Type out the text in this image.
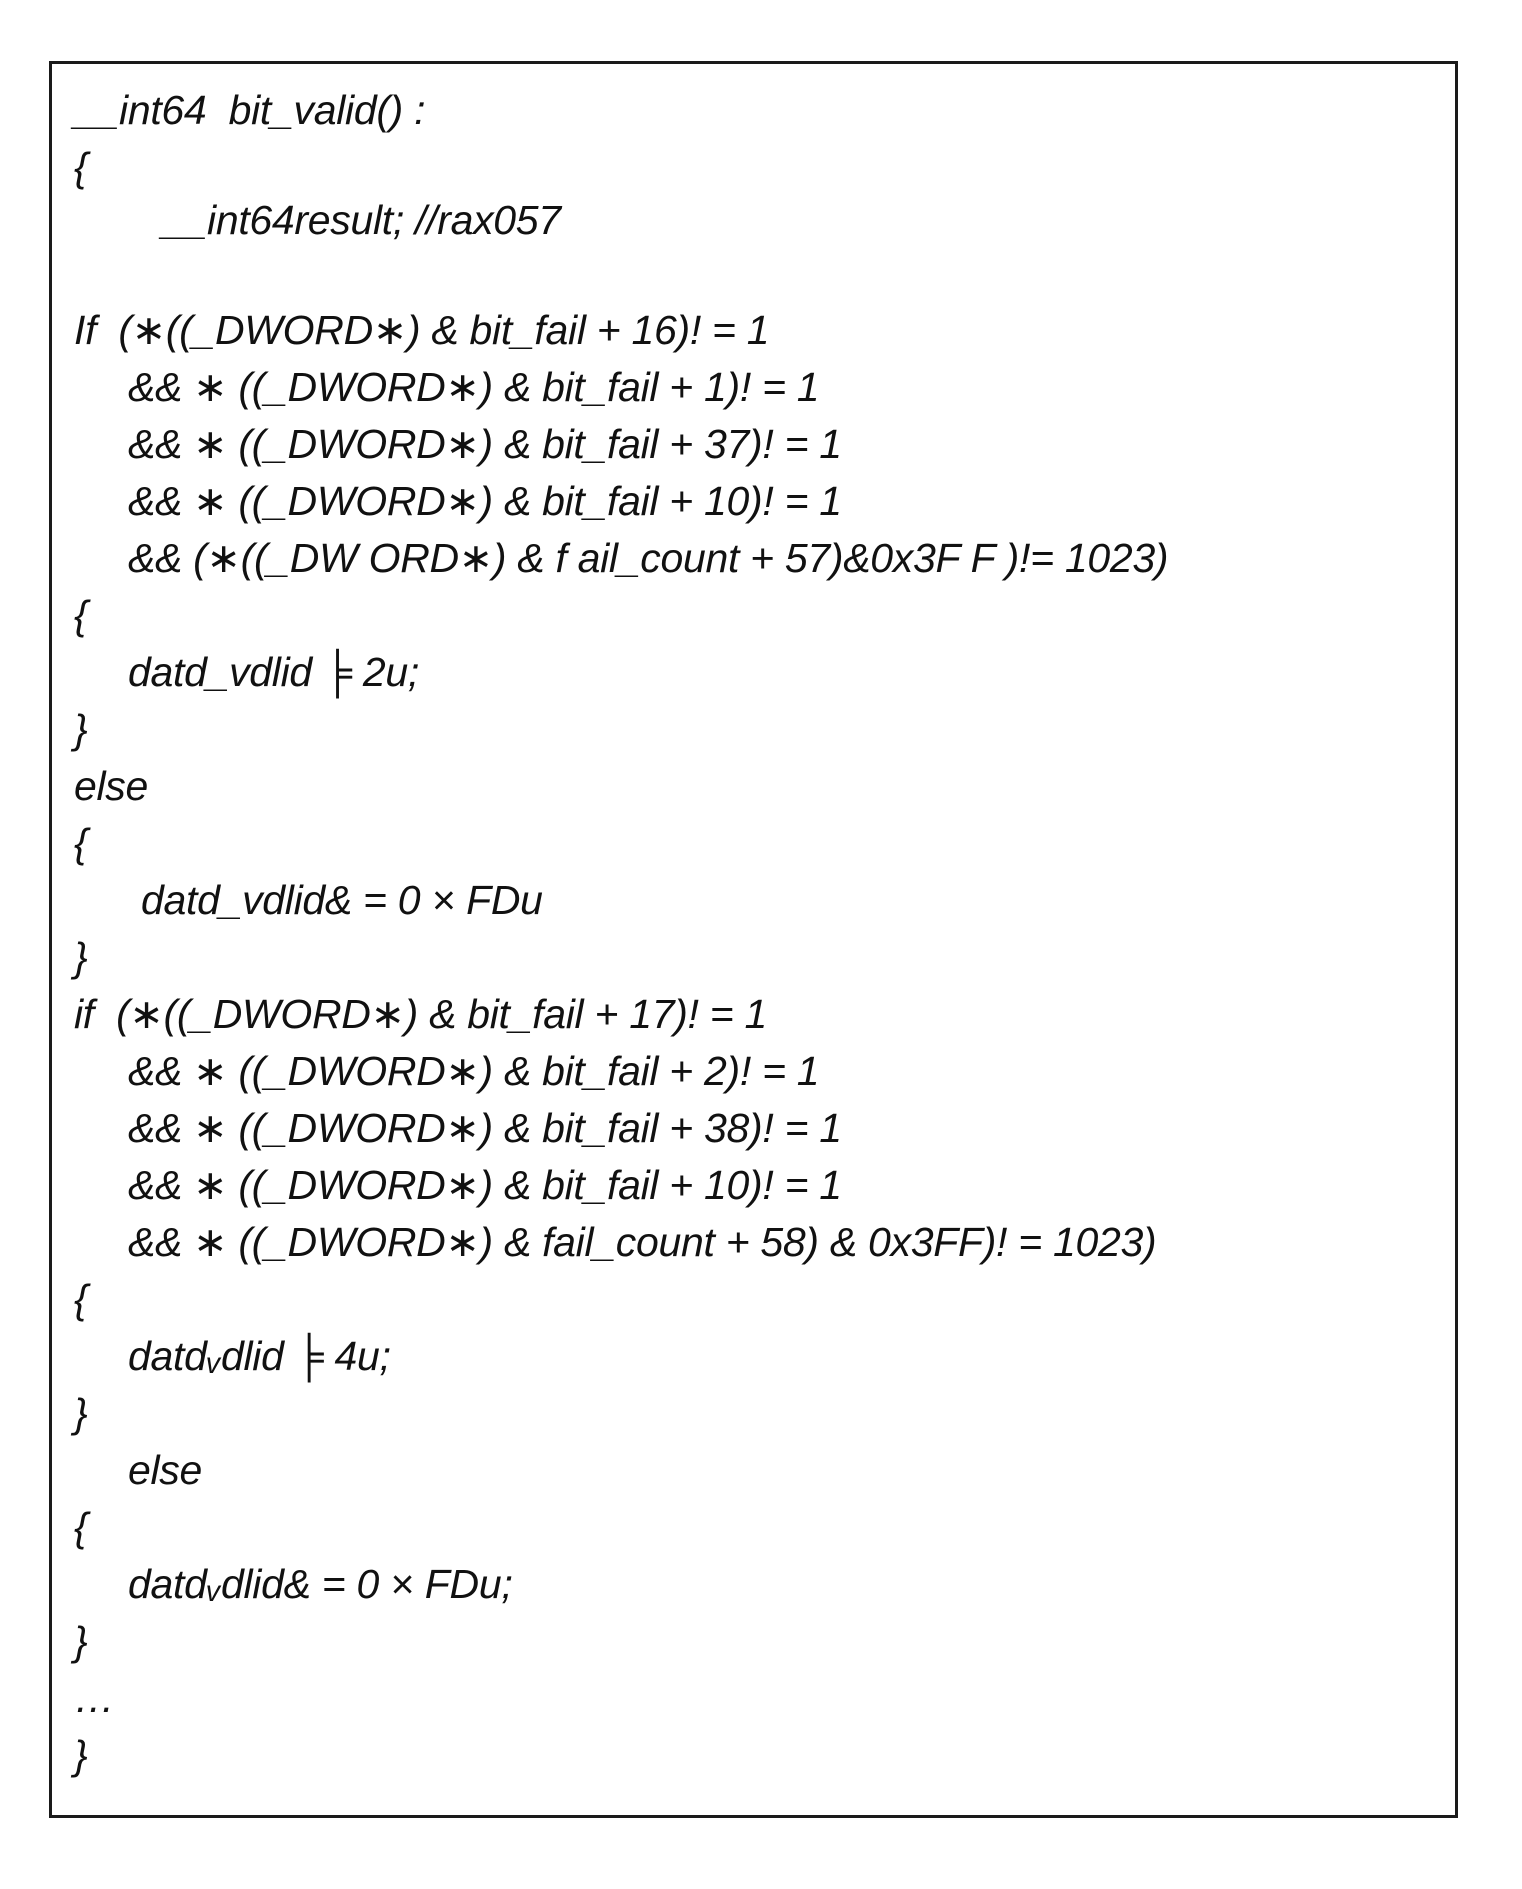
__int64  bit_valid() :
{
__int64result; //rax057
If  (∗((_DWORD∗) & bit_fail + 16)! = 1
&& ∗ ((_DWORD∗) & bit_fail + 1)! = 1
&& ∗ ((_DWORD∗) & bit_fail + 37)! = 1
&& ∗ ((_DWORD∗) & bit_fail + 10)! = 1
&& (∗((_DW ORD∗) & f ail_count + 57)&0x3F F )!= 1023)
{
datd_vdlid ╞ 2u;
}
else
{
datd_vdlid& = 0 × FDu
}
if  (∗((_DWORD∗) & bit_fail + 17)! = 1
&& ∗ ((_DWORD∗) & bit_fail + 2)! = 1
&& ∗ ((_DWORD∗) & bit_fail + 38)! = 1
&& ∗ ((_DWORD∗) & bit_fail + 10)! = 1
&& ∗ ((_DWORD∗) & fail_count + 58) & 0x3FF)! = 1023)
{
datdᵥdlid ╞ 4u;
}
else
{
datdᵥdlid& = 0 × FDu;
}
…
}
